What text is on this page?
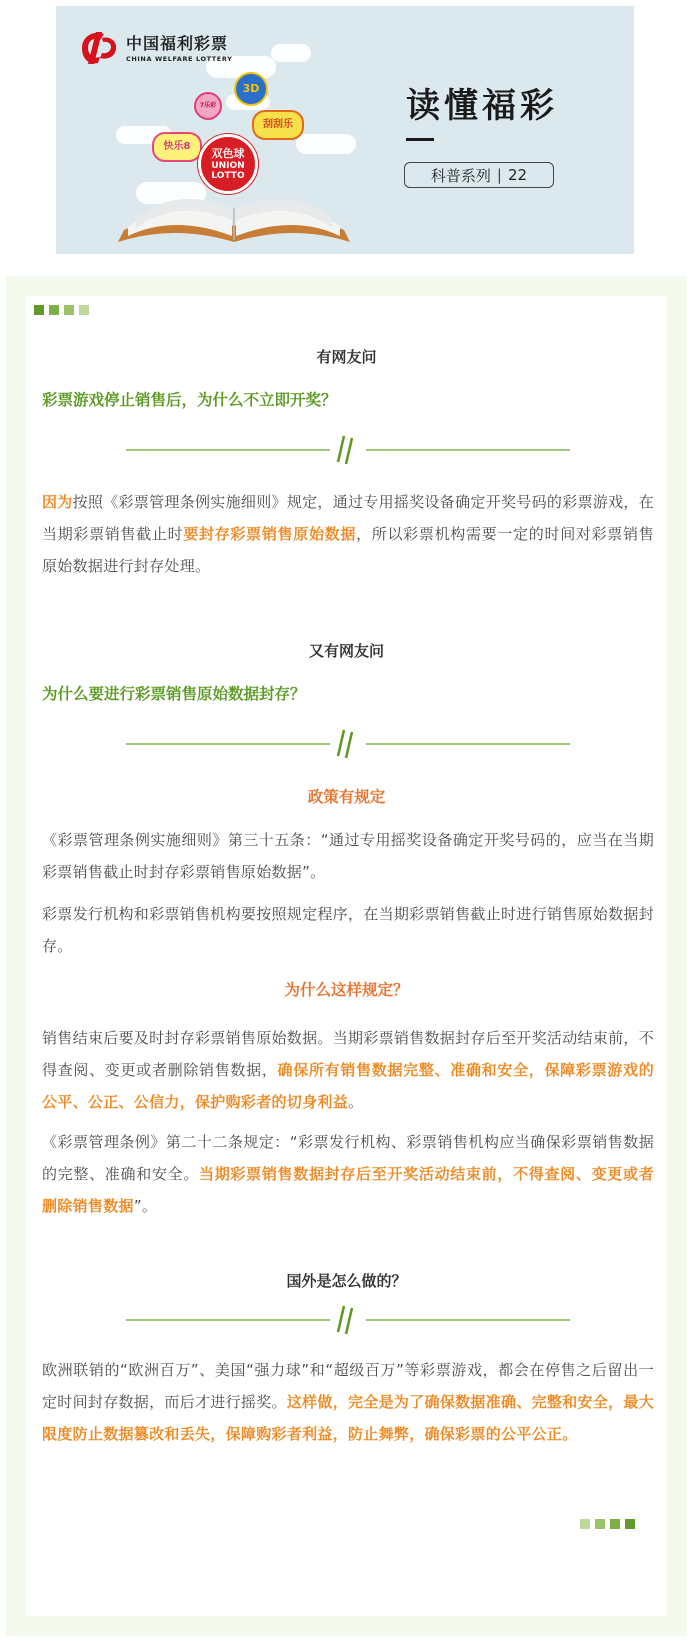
中国福利彩票
CHINA WELFARE LOTTERY
3D
7乐彩
刮刮乐
快乐8
双色球
UNION
LOTTO
读懂福彩
科普系列 | 22
有网友问
彩票游戏停止销售后，为什么不立即开奖？
因为按照《彩票管理条例实施细则》规定，通过专用摇奖设备确定开奖号码的彩票游戏，在当期彩票销售截止时要封存彩票销售原始数据，所以彩票机构需要一定的时间对彩票销售原始数据进行封存处理。
又有网友问
为什么要进行彩票销售原始数据封存？
政策有规定
《彩票管理条例实施细则》第三十五条：“通过专用摇奖设备确定开奖号码的，应当在当期彩票销售截止时封存彩票销售原始数据”。
彩票发行机构和彩票销售机构要按照规定程序，在当期彩票销售截止时进行销售原始数据封存。
为什么这样规定？
销售结束后要及时封存彩票销售原始数据。当期彩票销售数据封存后至开奖活动结束前，不得查阅、变更或者删除销售数据，确保所有销售数据完整、准确和安全，保障彩票游戏的公平、公正、公信力，保护购彩者的切身利益。
《彩票管理条例》第二十二条规定：“彩票发行机构、彩票销售机构应当确保彩票销售数据的完整、准确和安全。当期彩票销售数据封存后至开奖活动结束前，不得查阅、变更或者删除销售数据”。
国外是怎么做的？
欧洲联销的“欧洲百万”、美国“强力球”和“超级百万”等彩票游戏，都会在停售之后留出一定时间封存数据，而后才进行摇奖。这样做，完全是为了确保数据准确、完整和安全，最大限度防止数据篡改和丢失，保障购彩者利益，防止舞弊，确保彩票的公平公正。
